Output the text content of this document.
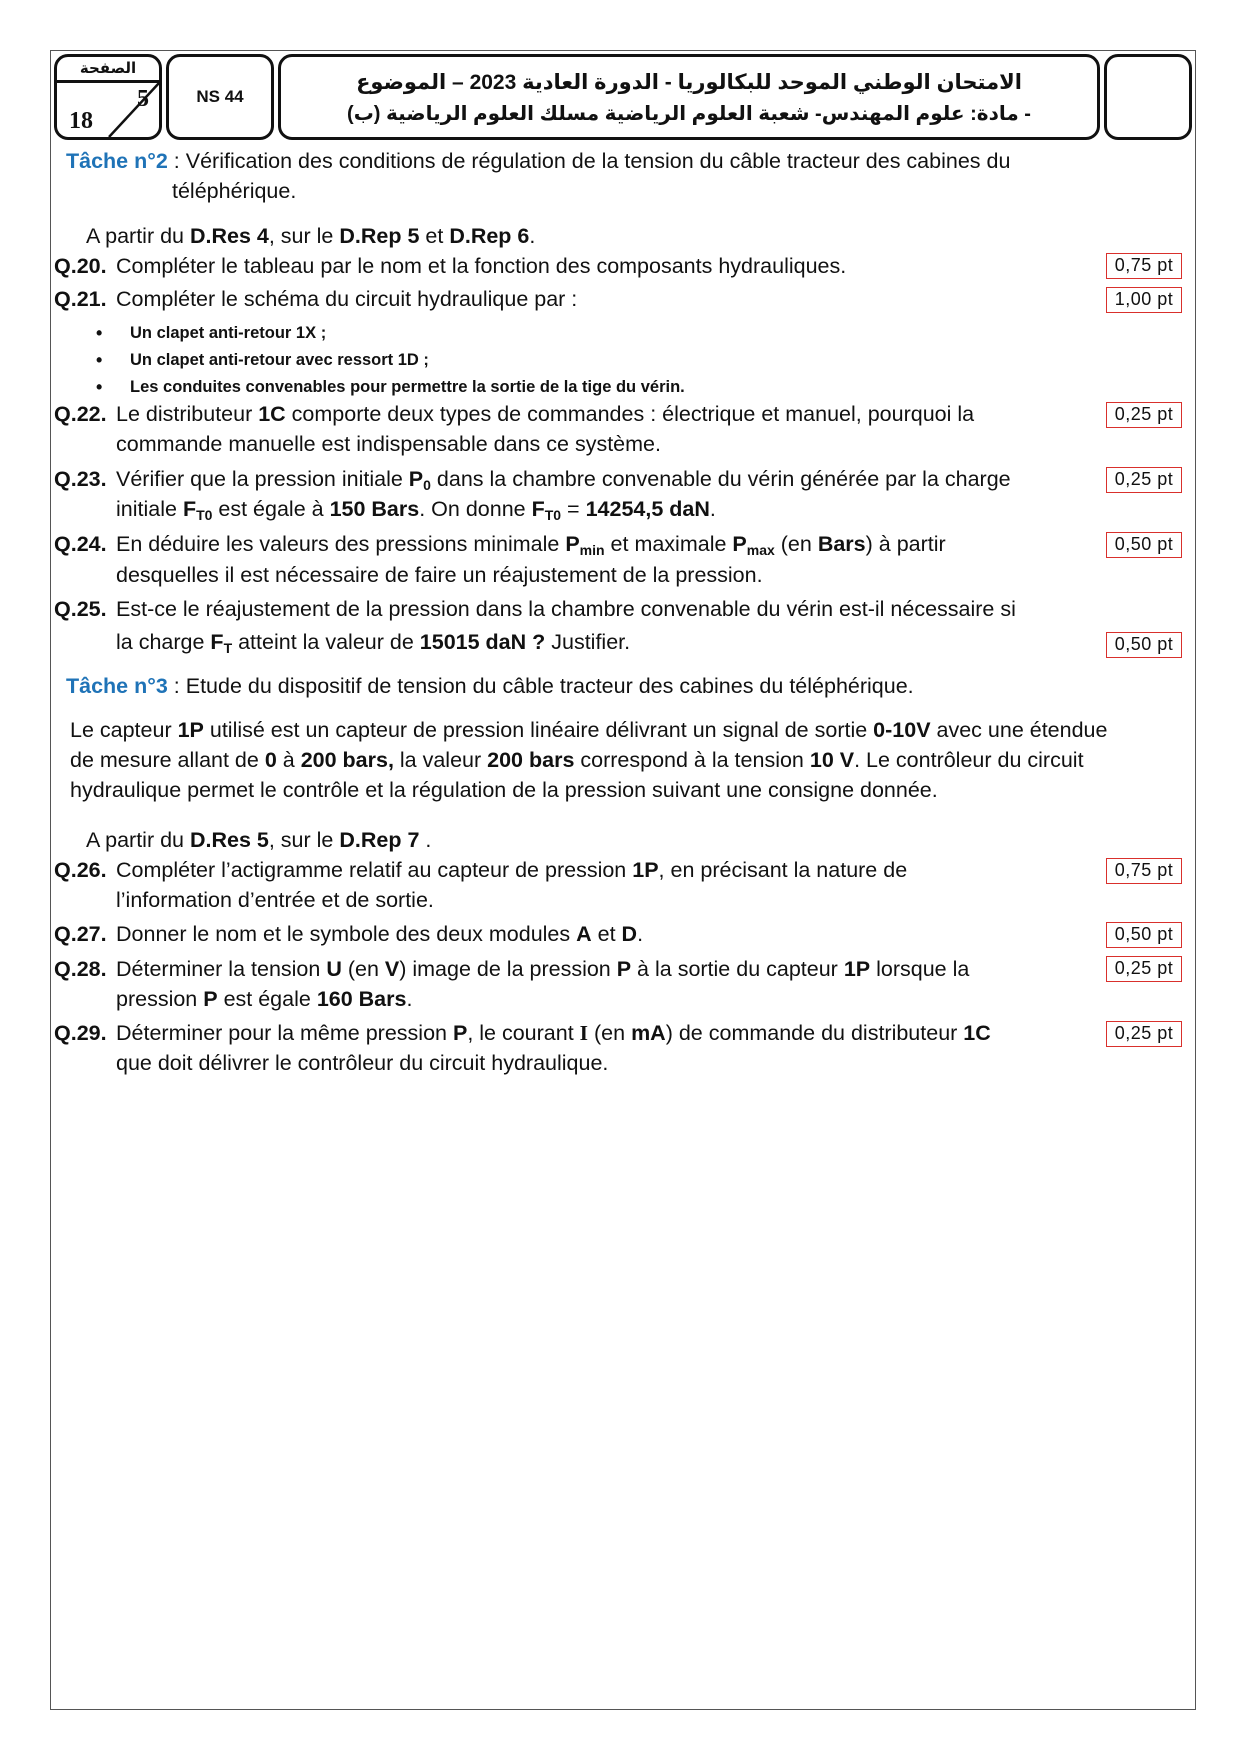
الصفحة
5
18
NS 44
الامتحان الوطني الموحد للبكالوريا - الدورة العادية 2023 – الموضوع
- مادة: علوم المهندس- شعبة العلوم الرياضية مسلك العلوم الرياضية (ب)
Tâche n°2 : Vérification des conditions de régulation de la tension du câble tracteur des cabines du
téléphérique.
A partir du D.Res 4, sur le D.Rep 5 et D.Rep 6.
Q.20. Compléter le tableau par le nom et la fonction des composants hydrauliques.	0,75 pt
Q.21. Compléter le schéma du circuit hydraulique par :	1,00 pt
• Un clapet anti-retour 1X ;
• Un clapet anti-retour avec ressort 1D ;
• Les conduites convenables pour permettre la sortie de la tige du vérin.
Q.22. Le distributeur 1C comporte deux types de commandes : électrique et manuel, pourquoi la
commande manuelle est indispensable dans ce système.
0,25 pt
Q.23. Vérifier que la pression initiale $P_0$ dans la chambre convenable du vérin générée par la charge
initiale $F_{T0}$ est égale à 150 Bars. On donne $F_{T0} = 14254,5$ daN.
0,25 pt
Q.24. En déduire les valeurs des pressions minimale $P_{min}$ et maximale $P_{max}$ (en Bars) à partir
desquelles il est nécessaire de faire un réajustement de la pression.
0,50 pt
Q.25. Est-ce le réajustement de la pression dans la chambre convenable du vérin est-il nécessaire si
la charge $F_T$ atteint la valeur de 15015 daN ? Justifier.	0,50 pt
Tâche n°3 : Etude du dispositif de tension du câble tracteur des cabines du téléphérique.
Le capteur 1P utilisé est un capteur de pression linéaire délivrant un signal de sortie 0-10V avec une étendue
de mesure allant de 0 à 200 bars, la valeur 200 bars correspond à la tension 10 V. Le contrôleur du circuit
hydraulique permet le contrôle et la régulation de la pression suivant une consigne donnée.
A partir du D.Res 5, sur le D.Rep 7 .
Q.26. Compléter l’actigramme relatif au capteur de pression 1P, en précisant la nature de
l’information d’entrée et de sortie.
0,75 pt
Q.27. Donner le nom et le symbole des deux modules A et D.	0,50 pt
Q.28. Déterminer la tension U (en V) image de la pression P à la sortie du capteur 1P lorsque la
pression P est égale 160 Bars.
0,25 pt
Q.29. Déterminer pour la même pression P, le courant I (en mA) de commande du distributeur 1C
que doit délivrer le contrôleur du circuit hydraulique.
0,25 pt
